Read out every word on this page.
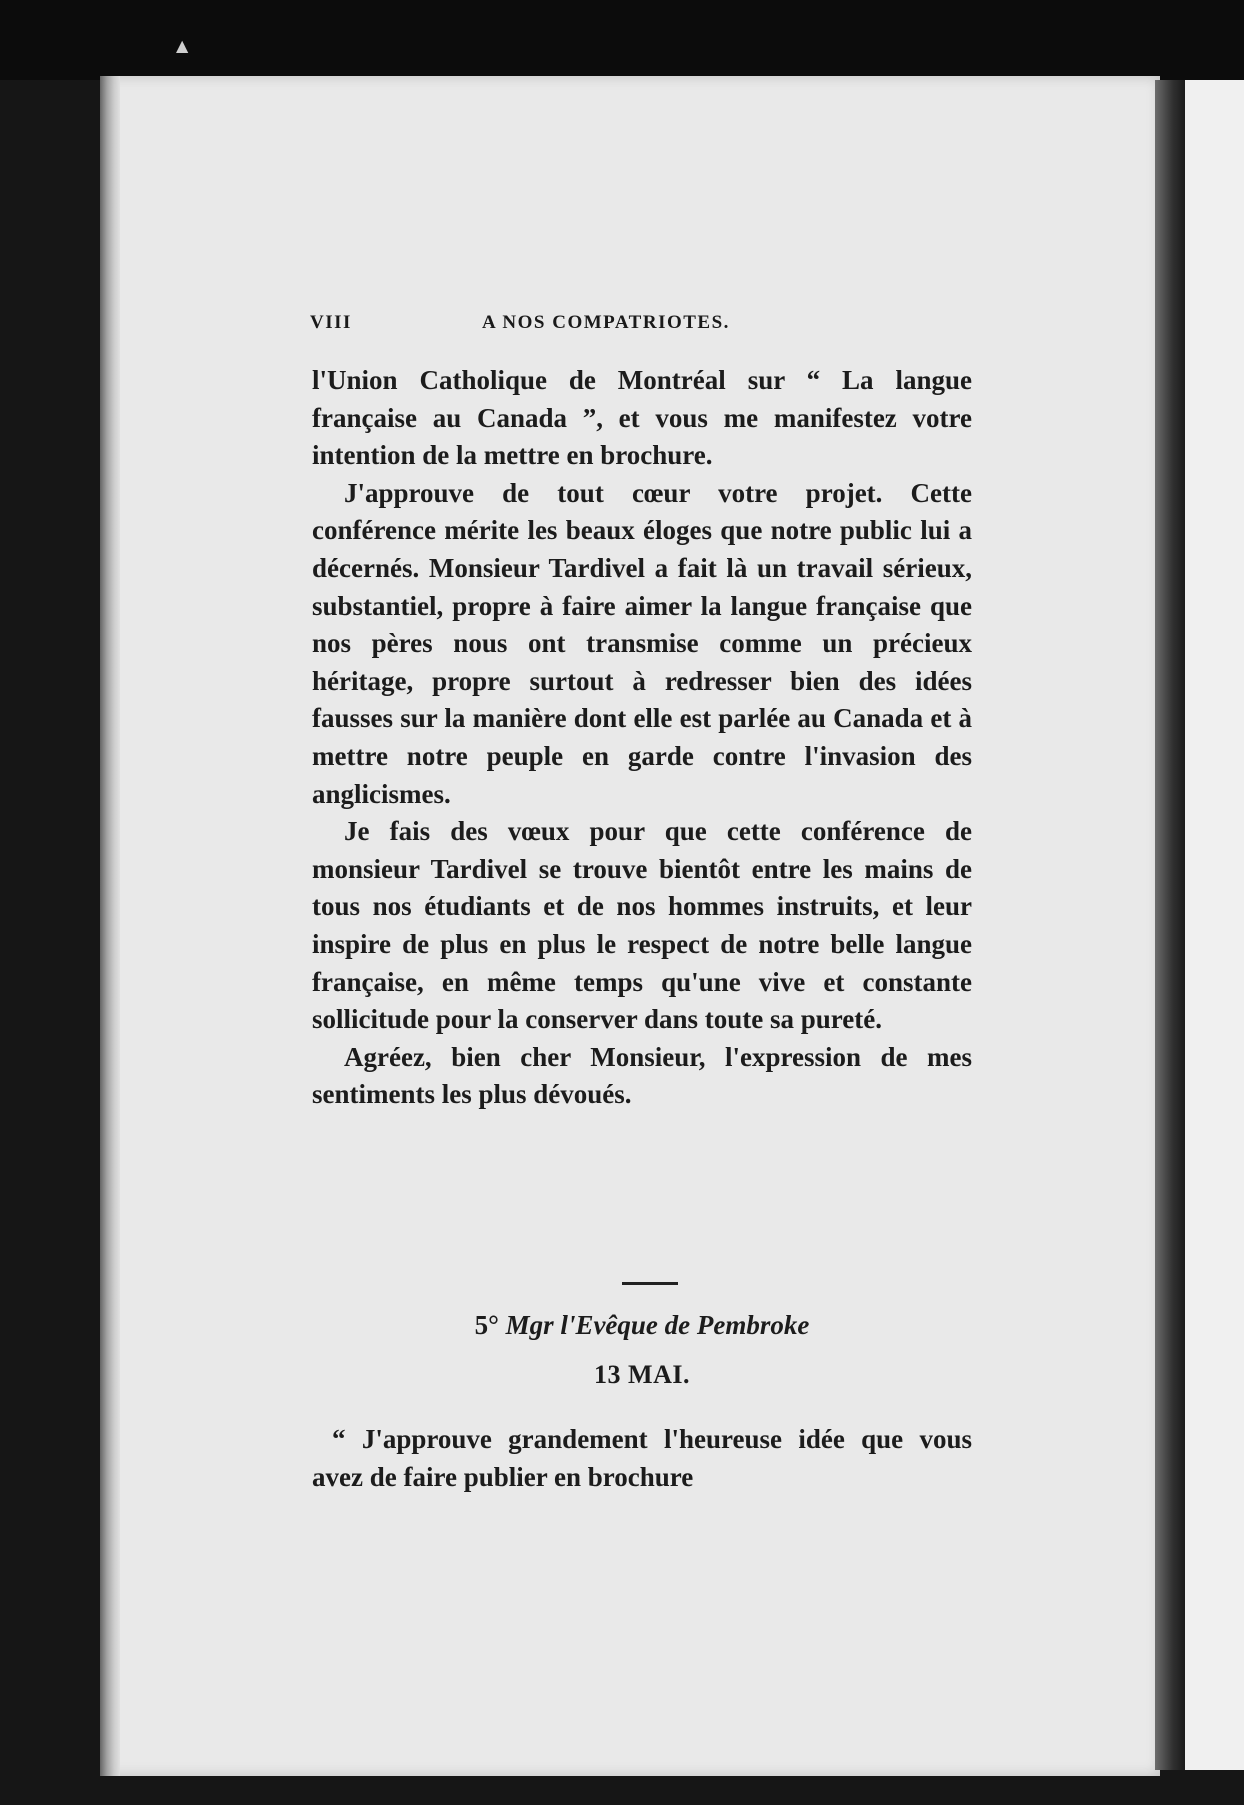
▲
VIII	A NOS COMPATRIOTES.

l'Union Catholique de Montréal sur “ La langue française au Canada ”, et vous me manifestez votre intention de la mettre en brochure.

J'approuve de tout cœur votre projet. Cette conférence mérite les beaux éloges que notre public lui a décernés. Monsieur Tardivel a fait là un travail sérieux, substantiel, propre à faire aimer la langue française que nos pères nous ont transmise comme un précieux héritage, propre surtout à redresser bien des idées fausses sur la manière dont elle est parlée au Canada et à mettre notre peuple en garde contre l'invasion des anglicismes.

Je fais des vœux pour que cette conférence de monsieur Tardivel se trouve bientôt entre les mains de tous nos étudiants et de nos hommes instruits, et leur inspire de plus en plus le respect de notre belle langue française, en même temps qu'une vive et constante sollicitude pour la conserver dans toute sa pureté.

Agréez, bien cher Monsieur, l'expression de mes sentiments les plus dévoués.

5° Mgr l'Evêque de Pembroke
13 MAI.

“ J'approuve grandement l'heureuse idée que vous avez de faire publier en brochure
